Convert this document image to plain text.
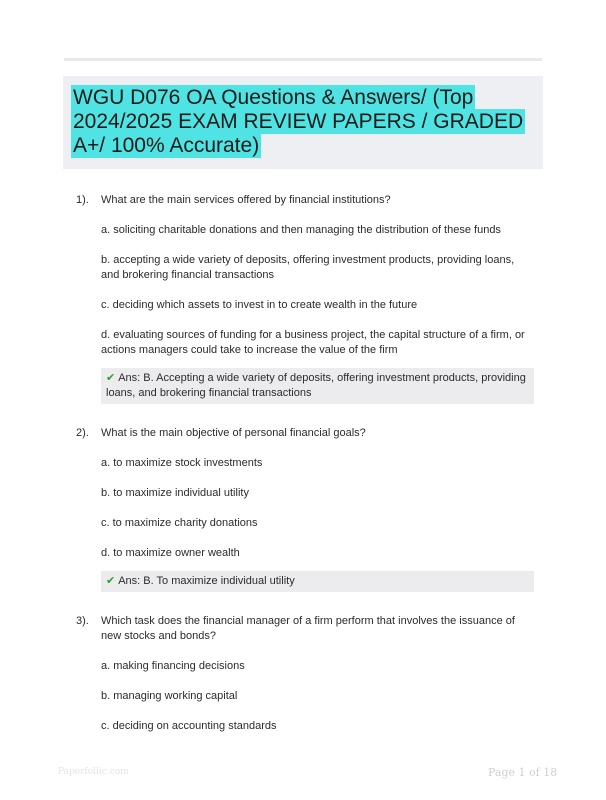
WGU D076 OA Questions & Answers/ (Top 2024/2025 EXAM REVIEW PAPERS / GRADED A+/ 100% Accurate)
1). What are the main services offered by financial institutions?
a. soliciting charitable donations and then managing the distribution of these funds
b. accepting a wide variety of deposits, offering investment products, providing loans, and brokering financial transactions
c. deciding which assets to invest in to create wealth in the future
d. evaluating sources of funding for a business project, the capital structure of a firm, or actions managers could take to increase the value of the firm
✔ Ans: B. Accepting a wide variety of deposits, offering investment products, providing loans, and brokering financial transactions
2). What is the main objective of personal financial goals?
a. to maximize stock investments
b. to maximize individual utility
c. to maximize charity donations
d. to maximize owner wealth
✔ Ans: B. To maximize individual utility
3). Which task does the financial manager of a firm perform that involves the issuance of new stocks and bonds?
a. making financing decisions
b. managing working capital
c. deciding on accounting standards
Paperfollic.com	Page 1 of 18
